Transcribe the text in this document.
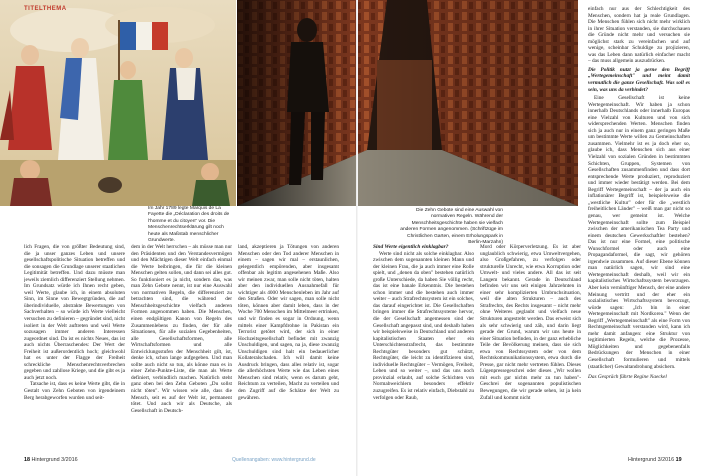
TITELTHEMA
Im Jahr 1789 legte Marquis de La Fayette die „Déclaration des droits de l'homme et du citoyen" vor. Die Menschenrechtserklärung gilt noch heute als Maßstab menschlicher Grundwerte.
Die Zehn Gebote sind eine Auswahl von normativen Regeln. Während der Menschheitsgeschichte haben sie vielfach anderen Formen angenommen. (Schriftzüge im Christlichen Garten, einem Erholungspark in Berlin-Marzahn)

lich Fragen, die von größter Bedeutung sind, die ja unser ganzes Leben und unsere gesellschaftspolitische Situation betreffen und die sonsagen die Grundlage unserer staatlichen Legitimität betreffen. Und dazu müsste man jeweils ziemlich differenziert Stellung nehmen. Im Grundsatz würde ich Ihnen recht geben, weil Werte, glaube ich, in einem absoluten Sinn, im Sinne von Bewegtgründen, die auf überindividuelle, abstrakte Bewertungen von Sachverhalten – so würde ich Werte vielleicht versuchen zu definieren – gegründet sind, nicht isoliert in der Welt auftreten und weil Werte sozusagen immer anderen Interessen zugeordnet sind. Da ist es nichts Neues, das ist auch nichts Überraschendes: Der Wert der Freiheit ist außerordentlich hoch; gleichwohl hat es unter der Flagge der Freiheit schreckliche Menschenrechtsverbrechen gegeben und zahllose Kriege, und die gibt es ja auch jetzt noch.

Tatsache ist, dass es keine Werte gibt, die in Gestalt von Zehn Geboten von irgendeinem Berg herabgeworfen wurden und seit-

dem in der Welt herrschen – als müsse man nur den Präsidenten und den Verstandesvermögen und den Mächtigen dieser Welt einfach einmal die Werte beibringen, die für die kleinen Menschen gelten sollen, und dann sei alles gut. So funktioniert es ja nicht, sondern das, was man Zehn Gebote nennt, ist nur eine Auswahl von normativen Regeln, die differenziert zu betrachten sind, die während der Menschheitsgeschichte vielfach anderen Formen angenommen haben. Die Menschen, einen endgültigen Kanon von Regeln des Zusammenlebens zu finden, der für alle Situationen, für alle sozialen Gegebenheiten, alle Gesellschaftsformen, alle Wirtschaftsformen und alle Entwicklungsstufen der Menschheit gilt, ist, denke ich, schon lange aufgegeben. Und man sollte auch nicht so tun, als könne man es in einer Zehn-Punkte-Liste, die man als Werte definiert, verbindlich machen. Natürlich steht ganz oben bei den Zehn Geboten „Du sollst nicht töten". Wir wissen wie alle, dass die Mensch, seit es auf der Welt ist, permanent tötet. Und auch wir als Deutsche, als Gesellschaft in Deutsch-

land, akzeptieren ja Tötungen von anderen Menschen oder den Tod anderer Menschen in einem – sagen wir mal – erstaunlichen, gelegentlich empörenden, aber insgesamt offenbar als legitim angesehenen Maße. Also wir meinen zwar, man solle nicht töten, halten aber den individuellen Ausnahmefall für wichtiger als 4000 Menschenleben im Jahr auf den Straßen. Oder wir sagen, man solle nicht töten, können aber damit leben, dass in der Woche 700 Menschen im Mittelmeer ertrinken, und wir finden es sogar in Ordnung, wenn mittels einer Kampfdrohne in Pakistan ein Terrorist getötet wird, der sich in einer Hochzeitsgesellschaft befindet mit zwanzig Unschuldigen, und sagen, na ja, diese zwanzig Unschuldigen sind halt ein bedauerlicher Kollateralschaden. Ich will damit keine Ausdruck bringen, dass alles relativ ist, sogar die allerhöchsten Werte wie das Leben eines Menschen sind relativ, wenn es darum geht, Reichtum zu verteilen, Macht zu verteilen und den Zugriff auf die Schätze der Welt zu gewähren.

Sind Werte eigentlich einklagbar?

Werte sind nicht als solche einklagbar. Also zwischen dem sogenannten kleinen Mann und der kleinen Frau, die ja auch immer eine Rolle spielt, und „denen da oben" bestehen natürlich große Unterschiede, da haben Sie völlig recht, das ist eine banale Erkenntnis. Die bestehen schon immer und die bestehen auch immer weiter – auch Strafrechtssystem ist ein solches, das darauf eingerichtet ist. Die Gesellschaften bringen immer die Strafrechtssysteme hervor, die der Gesellschaft angemessen sind der Gesellschaft angepasst sind, und deshalb haben wir beispielsweise in Deutschland und anderen kapitalistischen Staaten eher ein Unterschichtenstrafrecht, das bestimmte Rechtsgüter besonders gut schützt, Rechtsgüter, die leicht zu identifizieren sind, individuelle Rechtsgüter – Vermögen, Freiheit, Leben und so weiter –, und das uns noch provinzial erlaubt, auf solche Schichten von Normabweichlern besonders effektiv zuzugreifen. Es ist relativ einfach, Diebstahl zu verfolgen oder Raub,

Mord oder Körperverletzung. Es ist aber unglaublich schwierig, etwa Umweltvergehen, also Großgefahren, zu verfolgen oder strukturelle Unrecht, wie etwa Korruption oder Umwelt- und vieles andere. All das ist seit Langem bekannt. Gerade in Deutschland befinden wir uns seit einigen Jahrzehnten in einer sehr komplizierten Umbruchsituation, weil die alten Strukturen – auch des Strafrechts, des Rechts insgesamt – nicht mehr ohne Weiteres geglaubt und vielfach neue Strukturen angestrebt werden. Das erweist sich als sehr schwierig und zäh, und darin liegt gerade der Grund, warum wir uns heute in einer Situation befinden, in der ganz erhebliche Teile der Bevölkerung meinen, dass sie sich etwa von Rechtssystem oder von dem Rechtskommunikationssystem, etwa durch die Presse, gar nicht mehr vertreten fühlen. Dieses Lügenpressegeschrei oder dieses „Wir wollen mit euch gar nichts mehr zu tun haben"-Geschrei der sogenannten populistischen Bewegungen, die wir gerade sehen, ist ja kein Zufall und kommt nicht

einfach nur aus der Schlechtigkeit des Menschen, sondern hat ja reale Grundlagen. Die Menschen fühlen sich nicht mehr wirklich in ihrer Situation verstanden, sie durchschauen die Gründe nicht mehr und versuchen sie möglichst stark zu vereinfachen und auf wenige, scheinbar Schuldige zu projizieren, was das Leben dann natürlich einfacher macht – das muss allgemein auszudrücken.

Die Politik nutzt ja gerne den Begriff „Wertegemeinschaft" und meint damit vermutlich die ganze Gesellschaft. Was soll es sein, was uns da verbindet?

Eine Gesellschaft ist keine Wertegemeinschaft. Wir haben ja schon innerhalb Deutschlands oder innerhalb Europas eine Vielzahl von Kulturen und von sich widersprechenden Werten. Menschen finden sich ja auch nur in einem ganz geringen Maße um bestimmte Werte willen zu Gemeinschaften zusammen. Vielmehr ist es ja doch eher so, glaube ich, dass Menschen sich aus einer Vielzahl von sozialen Gründen in bestimmten Schichten, Gruppen, Systemen von Gesellschaften zusammenfinden und dass dort entsprechende Werte produziert, reproduziert und immer wieder bestätigt werden. Bei dem Begriff Wertegemeinschaft – der ja auch ein inflationärer Begriff ist, beispielsweise die „westliche Kultur" oder für die „westlich freiheitlichen Länder" – weiß man gar nicht so genau, wer gemeint ist. Welche Wertegemeinschaft sollte zum Beispiel zwischen der amerikanischen Tea Party und einem deutschen Gewerkschaftler bestehen? Das ist nur eine Formel, eine politische Wunschformel oder auch eine Propagandaformel, die sagt, wir gehören irgendwie zusammen. Auf dieser Ebene können man natürlich sagen, wir sind eine Wertegemeinschaft deshalb, weil wir ein kapitalistisches Wirtschaftssystem bevorzugen. Aber kein vernünftiger Mensch, der eine andere Meinung vertritt und der eher ein sozialistisches Wirtschaftssystem bevorzugt, würde sagen: „Ich bin in einer Wertegemeinschaft mit Nordkorea." Wenn der Begriff „Wertegemeinschaft" als eine Form von Rechtsgemeinschaft verstanden wird, kann ich mehr damit anfangen: eine Struktur von legitimierten Regeln, welche die Prozesse, Möglichkeiten und gegebenenfalls Bedrückungen der Menschen in einer Gesellschaft formulieren und mittels (staatlicher) Gewaltandrohung absichern.

Das Gespräch führte Regine Naeckel

18 Hintergrund 3/2016	Quellenangaben: www.hintergrund.de	Hintergrund 3/2016 19
